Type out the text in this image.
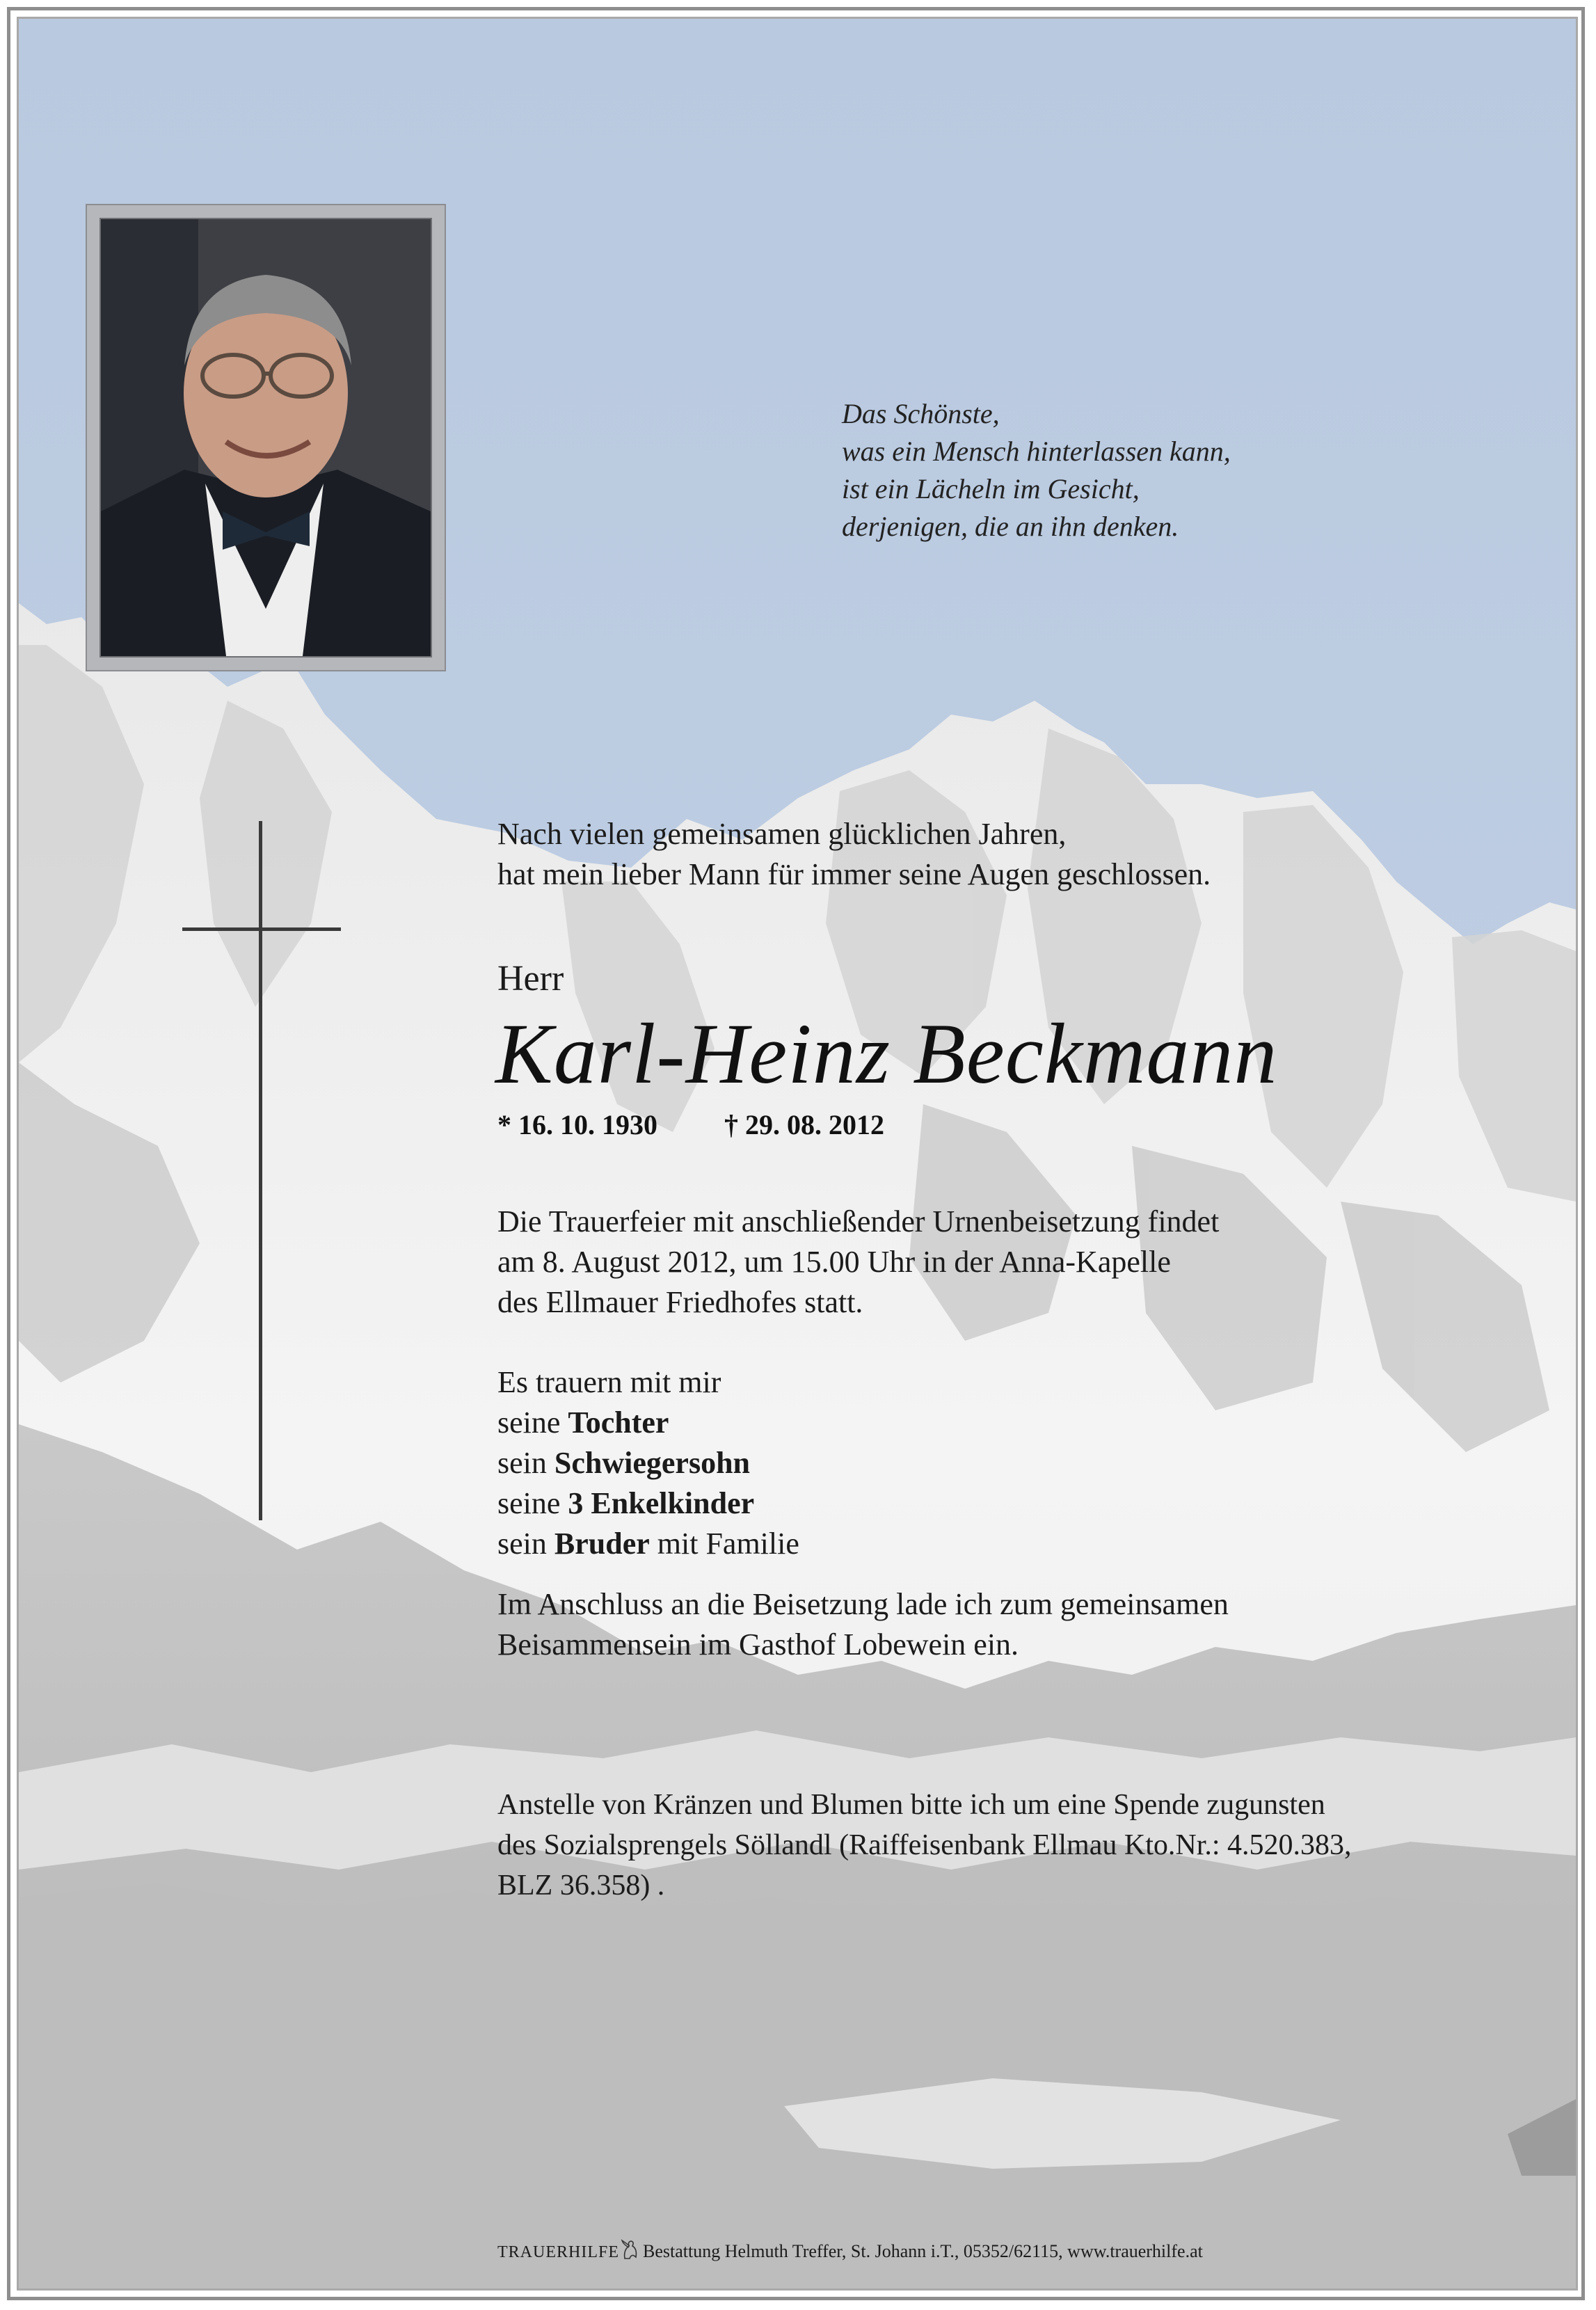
Das Schönste,
was ein Mensch hinterlassen kann,
ist ein Lächeln im Gesicht,
derjenigen, die an ihn denken.
Nach vielen gemeinsamen glücklichen Jahren,
hat mein lieber Mann für immer seine Augen geschlossen.
Herr
Karl-Heinz Beckmann
* 16. 10. 1930 † 29. 08. 2012
Die Trauerfeier mit anschließender Urnenbeisetzung findet
am 8. August 2012, um 15.00 Uhr in der Anna-Kapelle
des Ellmauer Friedhofes statt.
Es trauern mit mir
seine Tochter
sein Schwiegersohn
seine 3 Enkelkinder
sein Bruder mit Familie
Im Anschluss an die Beisetzung lade ich zum gemeinsamen
Beisammensein im Gasthof Lobewein ein.
Anstelle von Kränzen und Blumen bitte ich um eine Spende zugunsten
des Sozialsprengels Söllandl (Raiffeisenbank Ellmau Kto.Nr.: 4.520.383,
BLZ 36.358) .
TRAUERHILFE Bestattung Helmuth Treffer, St. Johann i.T., 05352/62115, www.trauerhilfe.at
